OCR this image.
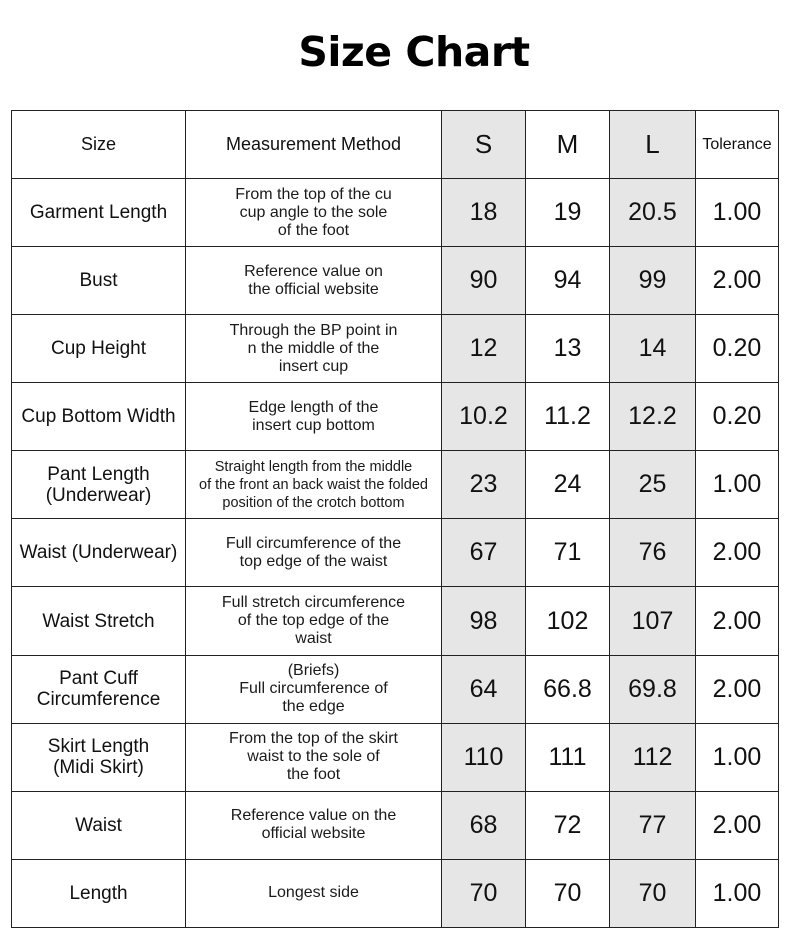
Size Chart
Size	Measurement Method	S	M	L	Tolerance
Garment Length	From the top of the cu
cup angle to the sole
of the foot	18	19	20.5	1.00
Bust	Reference value on
the official website	90	94	99	2.00
Cup Height	Through the BP point in
n the middle of the
insert cup	12	13	14	0.20
Cup Bottom Width	Edge length of the
insert cup bottom	10.2	11.2	12.2	0.20
Pant Length
(Underwear)	Straight length from the middle
of the front an back waist the folded
position of the crotch bottom	23	24	25	1.00
Waist (Underwear)	Full circumference of the
top edge of the waist	67	71	76	2.00
Waist Stretch	Full stretch circumference
of the top edge of the
waist	98	102	107	2.00
Pant Cuff
Circumference	(Briefs)
Full circumference of
the edge	64	66.8	69.8	2.00
Skirt Length
(Midi Skirt)	From the top of the skirt
waist to the sole of
the foot	110	111	112	1.00
Waist	Reference value on the
official website	68	72	77	2.00
Length	Longest side	70	70	70	1.00
